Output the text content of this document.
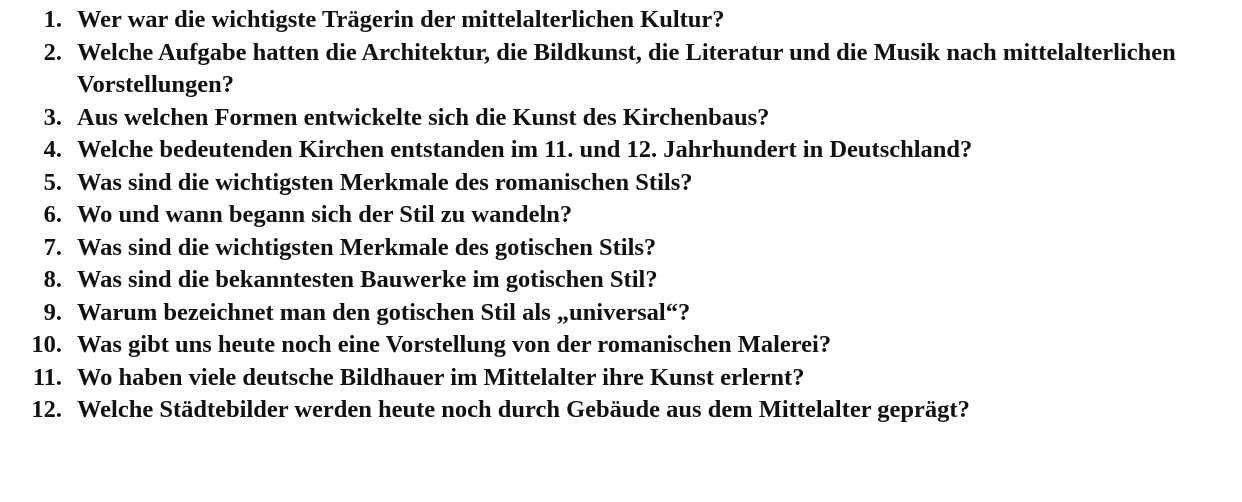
1. Wer war die wichtigste Trägerin der mittelalterlichen Kultur?
2. Welche Aufgabe hatten die Architektur, die Bildkunst, die Literatur und die Musik nach mittelalterlichen Vorstellungen?
3. Aus welchen Formen entwickelte sich die Kunst des Kirchenbaus?
4. Welche bedeutenden Kirchen entstanden im 11. und 12. Jahrhundert in Deutschland?
5. Was sind die wichtigsten Merkmale des romanischen Stils?
6. Wo und wann begann sich der Stil zu wandeln?
7. Was sind die wichtigsten Merkmale des gotischen Stils?
8. Was sind die bekanntesten Bauwerke im gotischen Stil?
9. Warum bezeichnet man den gotischen Stil als „universal“?
10. Was gibt uns heute noch eine Vorstellung von der romanischen Malerei?
11. Wo haben viele deutsche Bildhauer im Mittelalter ihre Kunst erlernt?
12. Welche Städtebilder werden heute noch durch Gebäude aus dem Mittelalter geprägt?
